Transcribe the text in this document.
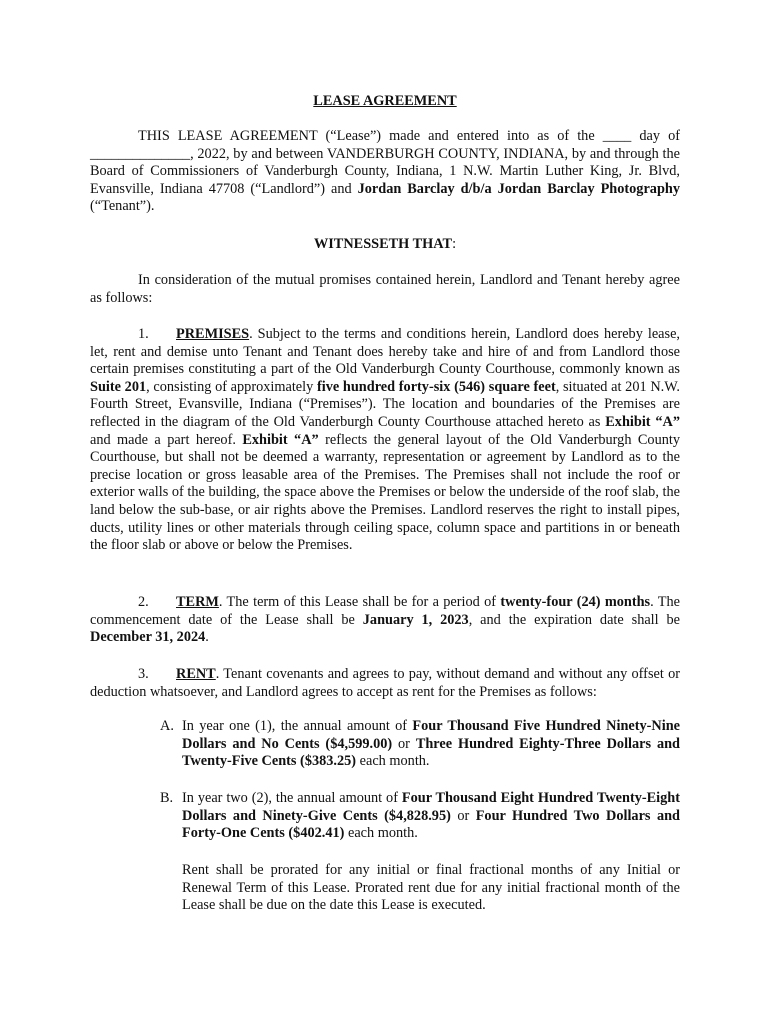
LEASE AGREEMENT

THIS LEASE AGREEMENT (“Lease”) made and entered into as of the ____ day of ______________, 2022, by and between VANDERBURGH COUNTY, INDIANA, by and through the Board of Commissioners of Vanderburgh County, Indiana, 1 N.W. Martin Luther King, Jr. Blvd, Evansville, Indiana 47708 (“Landlord”) and Jordan Barclay d/b/a Jordan Barclay Photography (“Tenant”).

WITNESSETH THAT:

In consideration of the mutual promises contained herein, Landlord and Tenant hereby agree as follows:

1. PREMISES. Subject to the terms and conditions herein, Landlord does hereby lease, let, rent and demise unto Tenant and Tenant does hereby take and hire of and from Landlord those certain premises constituting a part of the Old Vanderburgh County Courthouse, commonly known as Suite 201, consisting of approximately five hundred forty-six (546) square feet, situated at 201 N.W. Fourth Street, Evansville, Indiana (“Premises”). The location and boundaries of the Premises are reflected in the diagram of the Old Vanderburgh County Courthouse attached hereto as Exhibit “A” and made a part hereof. Exhibit “A” reflects the general layout of the Old Vanderburgh County Courthouse, but shall not be deemed a warranty, representation or agreement by Landlord as to the precise location or gross leasable area of the Premises. The Premises shall not include the roof or exterior walls of the building, the space above the Premises or below the underside of the roof slab, the land below the sub-base, or air rights above the Premises. Landlord reserves the right to install pipes, ducts, utility lines or other materials through ceiling space, column space and partitions in or beneath the floor slab or above or below the Premises.

2. TERM. The term of this Lease shall be for a period of twenty-four (24) months. The commencement date of the Lease shall be January 1, 2023, and the expiration date shall be December 31, 2024.

3. RENT. Tenant covenants and agrees to pay, without demand and without any offset or deduction whatsoever, and Landlord agrees to accept as rent for the Premises as follows:

A. In year one (1), the annual amount of Four Thousand Five Hundred Ninety-Nine Dollars and No Cents ($4,599.00) or Three Hundred Eighty-Three Dollars and Twenty-Five Cents ($383.25) each month.

B. In year two (2), the annual amount of Four Thousand Eight Hundred Twenty-Eight Dollars and Ninety-Give Cents ($4,828.95) or Four Hundred Two Dollars and Forty-One Cents ($402.41) each month.

Rent shall be prorated for any initial or final fractional months of any Initial or Renewal Term of this Lease. Prorated rent due for any initial fractional month of the Lease shall be due on the date this Lease is executed.
